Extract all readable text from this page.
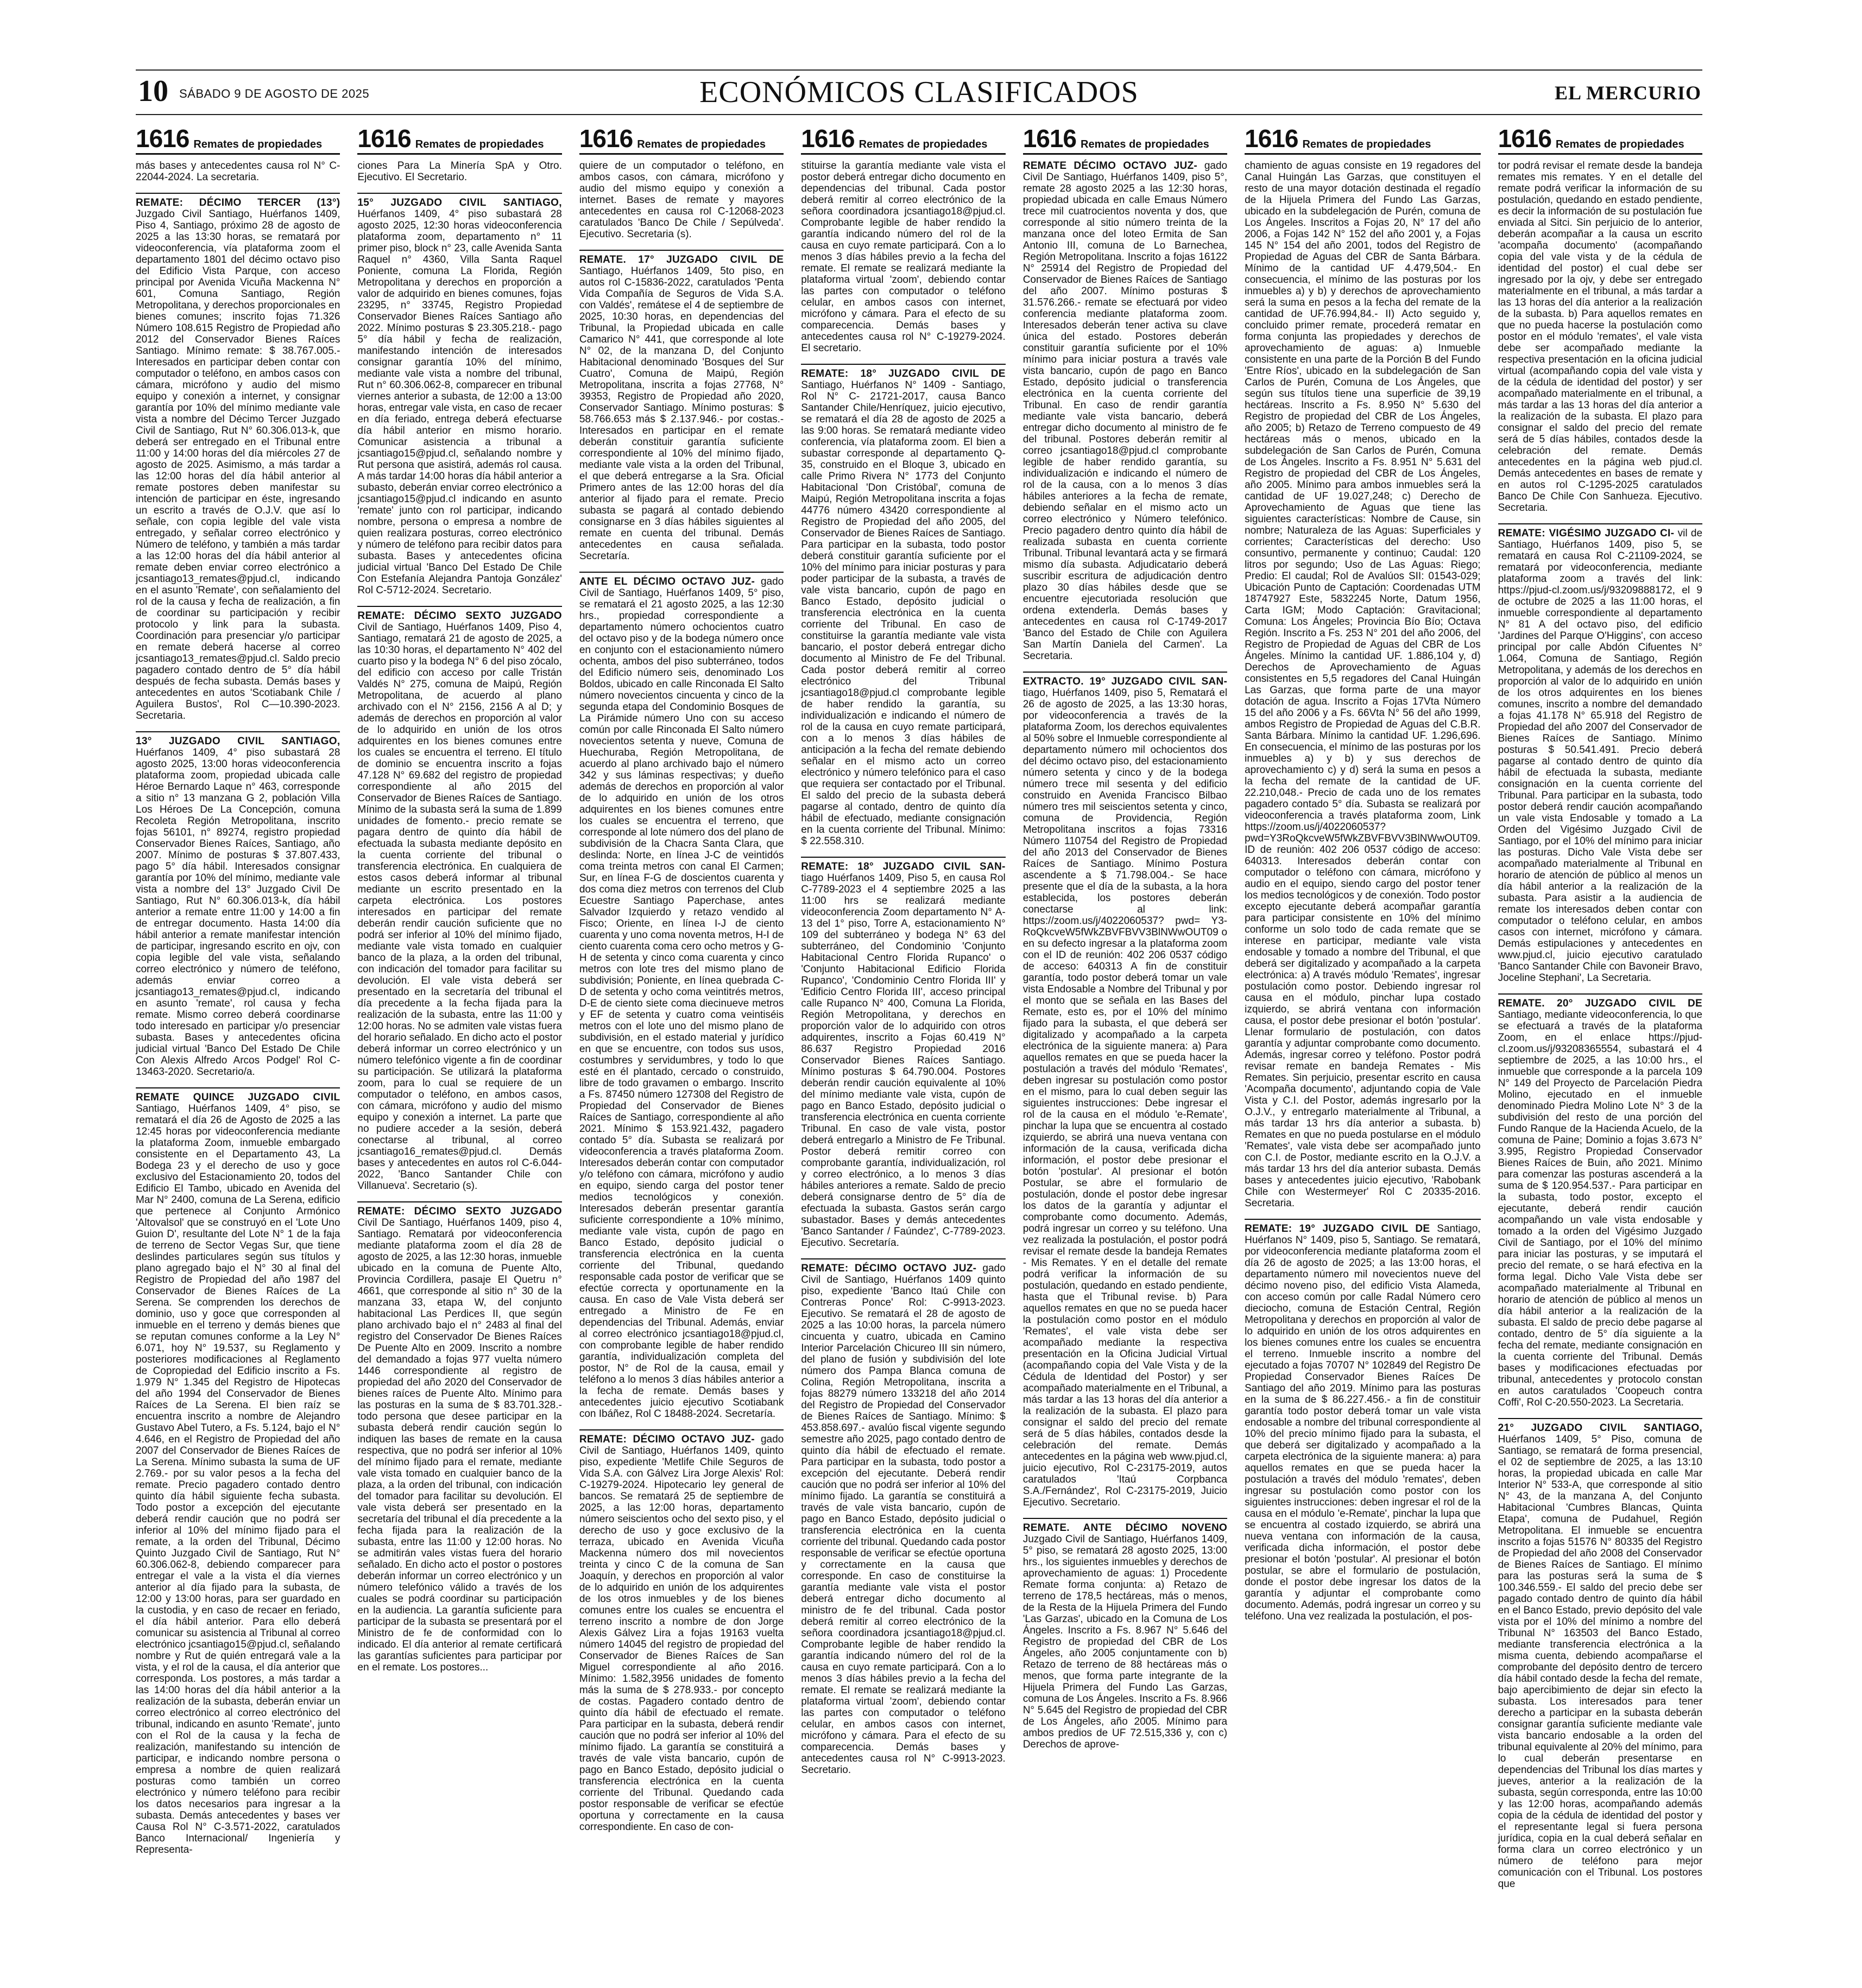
10 SÁBADO 9 DE AGOSTO DE 2025	ECONÓMICOS CLASIFICADOS	EL MERCURIO
1616 Remates de propiedades

más bases y antecedentes causa rol N° C-22044-2024. La secretaria.

REMATE: DÉCIMO TERCER (13°) Juzgado Civil Santiago, Huérfanos 1409, Piso 4, Santiago, próximo 28 de agosto de 2025 a las 13:30 horas, se rematará por videoconferencia, vía plataforma zoom el departamento 1801 del décimo octavo piso del Edificio Vista Parque, con acceso principal por Avenida Vicuña Mackenna N° 601, Comuna Santiago, Región Metropolitana, y derechos proporcionales en bienes comunes; inscrito fojas 71.326 Número 108.615 Registro de Propiedad año 2012 del Conservador Bienes Raíces Santiago. Mínimo remate: $ 38.767.005.- Interesados en participar deben contar con computador o teléfono, en ambos casos con cámara, micrófono y audio del mismo equipo y conexión a internet, y consignar garantía por 10% del mínimo mediante vale vista a nombre del Décimo Tercer Juzgado Civil de Santiago, Rut N° 60.306.013-k, que deberá ser entregado en el Tribunal entre 11:00 y 14:00 horas del día miércoles 27 de agosto de 2025. Asimismo, a más tardar a las 12:00 horas del día hábil anterior al remate postores deben manifestar su intención de participar en éste, ingresando un escrito a través de O.J.V. que así lo señale, con copia legible del vale vista entregado, y señalar correo electrónico y Número de teléfono, y también a más tardar a las 12:00 horas del día hábil anterior al remate deben enviar correo electrónico a jcsantiago13_remates@pjud.cl, indicando en el asunto 'Remate', con señalamiento del rol de la causa y fecha de realización, a fin de coordinar su participación y recibir protocolo y link para la subasta. Coordinación para presenciar y/o participar en remate deberá hacerse al correo jcsantiago13_remates@pjud.cl. Saldo precio pagadero contado dentro de 5° día hábil después de fecha subasta. Demás bases y antecedentes en autos 'Scotiabank Chile / Aguilera Bustos', Rol C—10.390-2023. Secretaria.

13° JUZGADO CIVIL SANTIAGO, Huérfanos 1409, 4° piso subastará 28 agosto 2025, 13:00 horas videoconferencia plataforma zoom, propiedad ubicada calle Héroe Bernardo Laque n° 463, corresponde a sitio n° 13 manzana G 2, población Villa Los Héroes De La Concepción, comuna Recoleta Región Metropolitana, inscrito fojas 56101, n° 89274, registro propiedad Conservador Bienes Raíces, Santiago, año 2007. Mínimo de posturas $ 37.807.433, pago 5° día hábil. Interesados consignar garantía por 10% del mínimo, mediante vale vista a nombre del 13° Juzgado Civil De Santiago, Rut N° 60.306.013-k, día hábil anterior a remate entre 11:00 y 14:00 a fin de entregar documento. Hasta 14:00 día hábil anterior a remate manifestar intención de participar, ingresando escrito en ojv, con copia legible del vale vista, señalando correo electrónico y número de teléfono, además enviar correo a jcsantiago13_remates@pjud.cl, indicando en asunto 'remate', rol causa y fecha remate. Mismo correo deberá coordinarse todo interesado en participar y/o presenciar subasta. Bases y antecedentes oficina judicial virtual 'Banco Del Estado De Chile Con Alexis Alfredo Arcos Podgel' Rol C-13463-2020. Secretario/a.

REMATE QUINCE JUZGADO CIVIL Santiago, Huérfanos 1409, 4° piso, se rematará el día 26 de Agosto de 2025 a las 12:45 horas por videoconferencia mediante la plataforma Zoom, inmueble embargado consistente en el Departamento 43, La Bodega 23 y el derecho de uso y goce exclusivo del Estacionamiento 20, todos del Edificio El Tambo, ubicado en Avenida del Mar N° 2400, comuna de La Serena, edificio que pertenece al Conjunto Armónico 'Altovalsol' que se construyó en el 'Lote Uno Guion D', resultante del Lote N° 1 de la faja de terreno de Sector Vegas Sur, que tiene deslindes particulares según sus títulos y plano agregado bajo el N° 30 al final del Registro de Propiedad del año 1987 del Conservador de Bienes Raíces de La Serena. Se comprenden los derechos de dominio, uso y goce que corresponden al inmueble en el terreno y demás bienes que se reputan comunes conforme a la Ley N° 6.071, hoy N° 19.537, su Reglamento y posteriores modificaciones al Reglamento de Copropiedad del Edificio inscrito a Fs. 1.979 N° 1.345 del Registro de Hipotecas del año 1994 del Conservador de Bienes Raíces de La Serena. El bien raíz se encuentra inscrito a nombre de Alejandro Gustavo Abel Tutero, a Fs. 5.124, bajo el N° 4.646, en el Registro de Propiedad del año 2007 del Conservador de Bienes Raíces de La Serena. Mínimo subasta la suma de UF 2.769.- por su valor pesos a la fecha del remate. Precio pagadero contado dentro quinto día hábil siguiente fecha subasta. Todo postor a excepción del ejecutante deberá rendir caución que no podrá ser inferior al 10% del mínimo fijado para el remate, a la orden del Tribunal, Décimo Quinto Juzgado Civil de Santiago, Rut N° 60.306.062-8, debiendo comparecer para entregar el vale a la vista el día viernes anterior al día fijado para la subasta, de 12:00 y 13:00 horas, para ser guardado en la custodia, y en caso de recaer en feriado, el día hábil anterior. Para ello deberá comunicar su asistencia al Tribunal al correo electrónico jcsantiago15@pjud.cl, señalando nombre y Rut de quién entregará vale a la vista, y el rol de la causa, el día anterior que corresponda. Los postores, a más tardar a las 14:00 horas del día hábil anterior a la realización de la subasta, deberán enviar un correo electrónico al correo electrónico del tribunal, indicando en asunto 'Remate', junto con el Rol de la causa y la fecha de realización, manifestando su intención de participar, e indicando nombre persona o empresa a nombre de quien realizará posturas como también un correo electrónico y número teléfono para recibir los datos necesarios para ingresar a la subasta. Demás antecedentes y bases ver Causa Rol N° C-3.571-2022, caratulados Banco Internacional/ Ingeniería y Representa-

1616 Remates de propiedades

ciones Para La Minería SpA y Otro. Ejecutivo. El Secretario.

15° JUZGADO CIVIL SANTIAGO, Huérfanos 1409, 4° piso subastará 28 agosto 2025, 12:30 horas videoconferencia plataforma zoom, departamento n° 11 primer piso, block n° 23, calle Avenida Santa Raquel n° 4360, Villa Santa Raquel Poniente, comuna La Florida, Región Metropolitana y derechos en proporción a valor de adquirido en bienes comunes, fojas 23295, n° 33745, Registro Propiedad Conservador Bienes Raíces Santiago año 2022. Mínimo posturas $ 23.305.218.- pago 5° día hábil y fecha de realización, manifestando intención de interesados consignar garantía 10% del mínimo, mediante vale vista a nombre del tribunal, Rut n° 60.306.062-8, comparecer en tribunal viernes anterior a subasta, de 12:00 a 13:00 horas, entregar vale vista, en caso de recaer en día feriado, entrega deberá efectuarse día hábil anterior en mismo horario. Comunicar asistencia a tribunal a jcsantiago15@pjud.cl, señalando nombre y Rut persona que asistirá, además rol causa. A más tardar 14:00 horas día hábil anterior a subasto, deberán enviar correo electrónico a jcsantiago15@pjud.cl indicando en asunto 'remate' junto con rol participar, indicando nombre, persona o empresa a nombre de quien realizara posturas, correo electrónico y número de teléfono para recibir datos para subasta. Bases y antecedentes oficina judicial virtual 'Banco Del Estado De Chile Con Estefanía Alejandra Pantoja González' Rol C-5712-2024. Secretario.

REMATE: DÉCIMO SEXTO JUZGADO Civil de Santiago, Huérfanos 1409, Piso 4, Santiago, rematará 21 de agosto de 2025, a las 10:30 horas, el departamento N° 402 del cuarto piso y la bodega N° 6 del piso zócalo, del edificio con acceso por calle Tristán Valdés N° 275, comuna de Maipú, Región Metropolitana, de acuerdo al plano archivado con el N° 2156, 2156 A al D; y además de derechos en proporción al valor de lo adquirido en unión de los otros adquirentes en los bienes comunes entre los cuales se encuentra el terreno. El título de dominio se encuentra inscrito a fojas 47.128 N° 69.682 del registro de propiedad correspondiente al año 2015 del Conservador de Bienes Raíces de Santiago. Mínimo de la subasta será la suma de 1.899 unidades de fomento.- precio remate se pagara dentro de quinto día hábil de efectuada la subasta mediante depósito en la cuenta corriente del tribunal o transferencia electrónica. En cualquiera de estos casos deberá informar al tribunal mediante un escrito presentado en la carpeta electrónica. Los postores interesados en participar del remate deberán rendir caución suficiente que no podrá ser inferior al 10% del mínimo fijado, mediante vale vista tomado en cualquier banco de la plaza, a la orden del tribunal, con indicación del tomador para facilitar su devolución. El vale vista deberá ser presentado en la secretaría del tribunal el día precedente a la fecha fijada para la realización de la subasta, entre las 11:00 y 12:00 horas. No se admiten vale vistas fuera del horario señalado. En dicho acto el postor deberá informar un correo electrónico y un número telefónico vigente a fin de coordinar su participación. Se utilizará la plataforma zoom, para lo cual se requiere de un computador o teléfono, en ambos casos, con cámara, micrófono y audio del mismo equipo y conexión a internet. La parte que no pudiere acceder a la sesión, deberá conectarse al tribunal, al correo jcsantiago16_remates@pjud.cl. Demás bases y antecedentes en autos rol C-6.044-2022, 'Banco Santander Chile con Villanueva'. Secretario (s).

REMATE: DÉCIMO SEXTO JUZGADO Civil De Santiago, Huérfanos 1409, piso 4, Santiago. Rematará por videoconferencia mediante plataforma zoom el día 28 de agosto de 2025, a las 12:30 horas, inmueble ubicado en la comuna de Puente Alto, Provincia Cordillera, pasaje El Quetru n° 4661, que corresponde al sitio n° 30 de la manzana 33, etapa W, del conjunto habitacional Las Perdices II, que según plano archivado bajo el n° 2483 al final del registro del Conservador De Bienes Raíces De Puente Alto en 2009. Inscrito a nombre del demandado a fojas 977 vuelta número 1446 correspondiente al registro de propiedad del año 2020 del Conservador de bienes raíces de Puente Alto. Mínimo para las posturas en la suma de $ 83.701.328.- todo persona que desee participar en la subasta deberá rendir caución según lo indiquen las bases de remate en la causa respectiva, que no podrá ser inferior al 10% del mínimo fijado para el remate, mediante vale vista tomado en cualquier banco de la plaza, a la orden del tribunal, con indicación del tomador para facilitar su devolución. El vale vista deberá ser presentado en la secretaría del tribunal el día precedente a la fecha fijada para la realización de la subasta, entre las 11:00 y 12:00 horas. No se admitirán vales vistas fuera del horario señalado. En dicho acto el postor o postores deberán informar un correo electrónico y un número telefónico válido a través de los cuales se podrá coordinar su participación en la audiencia. La garantía suficiente para participar de la subasta se presentará por el Ministro de fe de conformidad con lo indicado. El día anterior al remate certificará las garantías suficientes para participar por en el remate. Los postores...

1616 Remates de propiedades

quiere de un computador o teléfono, en ambos casos, con cámara, micrófono y audio del mismo equipo y conexión a internet. Bases de remate y mayores antecedentes en causa rol C-12068-2023 caratulados 'Banco De Chile / Sepúlveda'. Ejecutivo. Secretaria (s).

REMATE. 17° JUZGADO CIVIL DE Santiago, Huérfanos 1409, 5to piso, en autos rol C-15836-2022, caratulados 'Penta Vida Compañía de Seguros de Vida S.A. con Valdés', remátese el 4 de septiembre de 2025, 10:30 horas, en dependencias del Tribunal, la Propiedad ubicada en calle Camarico N° 441, que corresponde al lote N° 02, de la manzana D, del Conjunto Habitacional denominado 'Bosques del Sur Cuatro', Comuna de Maipú, Región Metropolitana, inscrita a fojas 27768, N° 39353, Registro de Propiedad año 2020, Conservador Santiago. Mínimo posturas: $ 58.766.653 más $ 2.137.946.- por costas.- Interesados en participar en el remate deberán constituir garantía suficiente correspondiente al 10% del mínimo fijado, mediante vale vista a la orden del Tribunal, el que deberá entregarse a la Sra. Oficial Primero antes de las 12:00 horas del día anterior al fijado para el remate. Precio subasta se pagará al contado debiendo consignarse en 3 días hábiles siguientes al remate en cuenta del tribunal. Demás antecedentes en causa señalada. Secretaría.

ANTE EL DÉCIMO OCTAVO JUZ- gado Civil de Santiago, Huérfanos 1409, 5° piso, se rematará el 21 agosto 2025, a las 12:30 hrs., propiedad correspondiente a departamento número ochocientos cuatro del octavo piso y de la bodega número once en conjunto con el estacionamiento número ochenta, ambos del piso subterráneo, todos del Edificio número seis, denominado Los Boldos, ubicado en calle Rinconada El Salto número novecientos cincuenta y cinco de la segunda etapa del Condominio Bosques de La Pirámide número Uno con su acceso común por calle Rinconada El Salto número novecientos setenta y nueve, Comuna de Huechuraba, Región Metropolitana, de acuerdo al plano archivado bajo el número 342 y sus láminas respectivas; y dueño además de derechos en proporción al valor de lo adquirido en unión de los otros adquirentes en los bienes comunes entre los cuales se encuentra el terreno, que corresponde al lote número dos del plano de subdivisión de la Chacra Santa Clara, que deslinda: Norte, en línea J-C de veintidós coma treinta metros con canal El Carmen; Sur, en línea F-G de doscientos cuarenta y dos coma diez metros con terrenos del Club Ecuestre Santiago Paperchase, antes Salvador Izquierdo y retazo vendido al Fisco; Oriente, en línea I-J de ciento cuarenta y uno coma noventa metros, H-I de ciento cuarenta coma cero ocho metros y G-H de setenta y cinco coma cuarenta y cinco metros con lote tres del mismo plano de subdivisión; Poniente, en línea quebrada C-D de setenta y ocho coma veintitrés metros, D-E de ciento siete coma diecinueve metros y EF de setenta y cuatro coma veintiséis metros con el lote uno del mismo plano de subdivisión, en el estado material y jurídico en que se encuentre, con todos sus usos, costumbres y servidumbres, y todo lo que esté en él plantado, cercado o construido, libre de todo gravamen o embargo. Inscrito a Fs. 87450 número 127308 del Registro de Propiedad del Conservador de Bienes Raíces de Santiago, correspondiente al año 2021. Mínimo $ 153.921.432, pagadero contado 5° día. Subasta se realizará por videoconferencia a través plataforma Zoom. Interesados deberán contar con computador y/o teléfono con cámara, micrófono y audio en equipo, siendo carga del postor tener medios tecnológicos y conexión. Interesados deberán presentar garantía suficiente correspondiente a 10% mínimo, mediante vale vista, cupón de pago en Banco Estado, depósito judicial o transferencia electrónica en la cuenta corriente del Tribunal, quedando responsable cada postor de verificar que se efectúe correcta y oportunamente en la causa. En caso de Vale Vista deberá ser entregado a Ministro de Fe en dependencias del Tribunal. Además, enviar al correo electrónico jcsantiago18@pjud.cl, con comprobante legible de haber rendido garantía, individualización completa del postor, N° de Rol de la causa, email y teléfono a lo menos 3 días hábiles anterior a la fecha de remate. Demás bases y antecedentes juicio ejecutivo Scotiabank con Ibáñez, Rol C 18488-2024. Secretaría.

REMATE: DÉCIMO OCTAVO JUZ- gado Civil de Santiago, Huérfanos 1409, quinto piso, expediente 'Metlife Chile Seguros de Vida S.A. con Gálvez Lira Jorge Alexis' Rol: C-19279-2024. Hipotecario ley general de bancos. Se rematará 25 de septiembre de 2025, a las 12:00 horas, departamento número seiscientos ocho del sexto piso, y el derecho de uso y goce exclusivo de la terraza, ubicado en Avenida Vicuña Mackenna número dos mil novecientos treinta y cinco C de la comuna de San Joaquín, y derechos en proporción al valor de lo adquirido en unión de los adquirentes de los otros inmuebles y de los bienes comunes entre los cuales se encuentra el terreno inscrito a nombre de don Jorge Alexis Gálvez Lira a fojas 19163 vuelta número 14045 del registro de propiedad del Conservador de Bienes Raíces de San Miguel correspondiente al año 2016. Mínimo: 1.582,3956 unidades de fomento más la suma de $ 278.933.- por concepto de costas. Pagadero contado dentro de quinto día hábil de efectuado el remate. Para participar en la subasta, deberá rendir caución que no podrá ser inferior al 10% del mínimo fijado. La garantía se constituirá a través de vale vista bancario, cupón de pago en Banco Estado, depósito judicial o transferencia electrónica en la cuenta corriente del Tribunal. Quedando cada postor responsable de verificar se efectúe oportuna y correctamente en la causa correspondiente. En caso de con-

1616 Remates de propiedades

stituirse la garantía mediante vale vista el postor deberá entregar dicho documento en dependencias del tribunal. Cada postor deberá remitir al correo electrónico de la señora coordinadora jcsantiago18@pjud.cl. Comprobante legible de haber rendido la garantía indicando número del rol de la causa en cuyo remate participará. Con a lo menos 3 días hábiles previo a la fecha del remate. El remate se realizará mediante la plataforma virtual 'zoom', debiendo contar las partes con computador o teléfono celular, en ambos casos con internet, micrófono y cámara. Para el efecto de su comparecencia. Demás bases y antecedentes causa rol N° C-19279-2024. El secretario.

REMATE: 18° JUZGADO CIVIL DE Santiago, Huérfanos N° 1409 - Santiago, Rol N° C- 21721-2017, causa Banco Santander Chile/Henríquez, juicio ejecutivo, se rematará el día 28 de agosto de 2025 a las 9:00 horas. Se rematará mediante video conferencia, vía plataforma zoom. El bien a subastar corresponde al departamento Q-35, construido en el Bloque 3, ubicado en calle Primo Rivera N° 1773 del Conjunto Habitacional 'Don Cristóbal', comuna de Maipú, Región Metropolitana inscrita a fojas 44776 número 43420 correspondiente al Registro de Propiedad del año 2005, del Conservador de Bienes Raíces de Santiago. Para participar en la subasta, todo postor deberá constituir garantía suficiente por el 10% del mínimo para iniciar posturas y para poder participar de la subasta, a través de vale vista bancario, cupón de pago en Banco Estado, depósito judicial o transferencia electrónica en la cuenta corriente del Tribunal. En caso de constituirse la garantía mediante vale vista bancario, el postor deberá entregar dicho documento al Ministro de Fe del Tribunal. Cada postor deberá remitir al correo electrónico del Tribunal jcsantiago18@pjud.cl comprobante legible de haber rendido la garantía, su individualización e indicando el número de rol de la causa en cuyo remate participará, con a lo menos 3 días hábiles de anticipación a la fecha del remate debiendo señalar en el mismo acto un correo electrónico y número telefónico para el caso que requiera ser contactado por el Tribunal. El saldo del precio de la subasta deberá pagarse al contado, dentro de quinto día hábil de efectuado, mediante consignación en la cuenta corriente del Tribunal. Mínimo: $ 22.558.310.

REMATE: 18° JUZGADO CIVIL SAN- tiago Huérfanos 1409, Piso 5, en causa Rol C-7789-2023 el 4 septiembre 2025 a las 11:00 hrs se realizará mediante videoconferencia Zoom departamento N° A-13 del 1° piso, Torre A, estacionamiento N° 109 del subterráneo y bodega N° 63 del subterráneo, del Condominio 'Conjunto Habitacional Centro Florida Rupanco' o 'Conjunto Habitacional Edificio Florida Rupanco', 'Condominio Centro Florida III' y 'Edificio Centro Florida III', acceso principal calle Rupanco N° 400, Comuna La Florida, Región Metropolitana, y derechos en proporción valor de lo adquirido con otros adquirentes, inscrito a Fojas 60.419 N° 86.637 Registro Propiedad 2016 Conservador Bienes Raíces Santiago. Mínimo posturas $ 64.790.004. Postores deberán rendir caución equivalente al 10% del mínimo mediante vale vista, cupón de pago en Banco Estado, depósito judicial o transferencia electrónica en cuenta corriente Tribunal. En caso de vale vista, postor deberá entregarlo a Ministro de Fe Tribunal. Postor deberá remitir correo con comprobante garantía, individualización, rol y correo electrónico, a lo menos 3 días hábiles anteriores a remate. Saldo de precio deberá consignarse dentro de 5° día de efectuada la subasta. Gastos serán cargo subastador. Bases y demás antecedentes 'Banco Santander / Faúndez', C-7789-2023. Ejecutivo. Secretaría.

REMATE: DÉCIMO OCTAVO JUZ- gado Civil de Santiago, Huérfanos 1409 quinto piso, expediente 'Banco Itaú Chile con Contreras Ponce' Rol: C-9913-2023. Ejecutivo. Se rematará el 28 de agosto de 2025 a las 10:00 horas, la parcela número cincuenta y cuatro, ubicada en Camino Interior Parcelación Chicureo III sin número, del plano de fusión y subdivisión del lote número dos Pampa Blanca comuna de Colina, Región Metropolitana, inscrita a fojas 88279 número 133218 del año 2014 del Registro de Propiedad del Conservador de Bienes Raíces de Santiago. Mínimo: $ 453.858.697.- avalúo fiscal vigente segundo semestre año 2025, pago contado dentro de quinto día hábil de efectuado el remate. Para participar en la subasta, todo postor a excepción del ejecutante. Deberá rendir caución que no podrá ser inferior al 10% del mínimo fijado. La garantía se constituirá a través de vale vista bancario, cupón de pago en Banco Estado, depósito judicial o transferencia electrónica en la cuenta corriente del tribunal. Quedando cada postor responsable de verificar se efectúe oportuna y correctamente en la causa que corresponde. En caso de constituirse la garantía mediante vale vista el postor deberá entregar dicho documento al ministro de fe del tribunal. Cada postor deberá remitir al correo electrónico de la señora coordinadora jcsantiago18@pjud.cl. Comprobante legible de haber rendido la garantía indicando número del rol de la causa en cuyo remate participará. Con a lo menos 3 días hábiles previo a la fecha del remate. El remate se realizará mediante la plataforma virtual 'zoom', debiendo contar las partes con computador o teléfono celular, en ambos casos con internet, micrófono y cámara. Para el efecto de su comparecencia. Demás bases y antecedentes causa rol N° C-9913-2023. Secretario.

1616 Remates de propiedades

REMATE DÉCIMO OCTAVO JUZ- gado Civil De Santiago, Huérfanos 1409, piso 5°, remate 28 agosto 2025 a las 12:30 horas, propiedad ubicada en calle Emaus Número trece mil cuatrocientos noventa y dos, que corresponde al sitio número treinta de la manzana once del loteo Ermita de San Antonio III, comuna de Lo Barnechea, Región Metropolitana. Inscrito a fojas 16122 N° 25914 del Registro de Propiedad del Conservador de Bienes Raíces de Santiago del año 2007. Mínimo posturas $ 31.576.266.- remate se efectuará por video conferencia mediante plataforma zoom. Interesados deberán tener activa su clave única del estado. Postores deberán constituir garantía suficiente por el 10% mínimo para iniciar postura a través vale vista bancario, cupón de pago en Banco Estado, depósito judicial o transferencia electrónica en la cuenta corriente del Tribunal. En caso de rendir garantía mediante vale vista bancario, deberá entregar dicho documento al ministro de fe del tribunal. Postores deberán remitir al correo jcsantiago18@pjud.cl comprobante legible de haber rendido garantía, su individualización e indicando el número de rol de la causa, con a lo menos 3 días hábiles anteriores a la fecha de remate, debiendo señalar en el mismo acto un correo electrónico y Número telefónico. Precio pagadero dentro quinto día hábil de realizada subasta en cuenta corriente Tribunal. Tribunal levantará acta y se firmará mismo día subasta. Adjudicatario deberá suscribir escritura de adjudicación dentro plazo 30 días hábiles desde que se encuentre ejecutoriada resolución que ordena extenderla. Demás bases y antecedentes en causa rol C-1749-2017 'Banco del Estado de Chile con Aguilera San Martín Daniela del Carmen'. La Secretaria.

EXTRACTO. 19° JUZGADO CIVIL SAN- tiago, Huérfanos 1409, piso 5, Rematará el 26 de agosto de 2025, a las 13:30 horas, por videoconferencia a través de la plataforma Zoom, los derechos equivalentes al 50% sobre el Inmueble correspondiente al departamento número mil ochocientos dos del décimo octavo piso, del estacionamiento número setenta y cinco y de la bodega número trece mil sesenta y del edificio construido en Avenida Francisco Bilbao número tres mil seiscientos setenta y cinco, comuna de Providencia, Región Metropolitana inscritos a fojas 73316 Número 110754 del Registro de Propiedad del año 2013 del Conservador de Bienes Raíces de Santiago. Mínimo Postura ascendente a $ 71.798.004.- Se hace presente que el día de la subasta, a la hora establecida, los postores deberán conectarse al link: https://zoom.us/j/4022060537? pwd= Y3-RoQkcveW5fWkZBVFBVV3BlNWwOUT09 o en su defecto ingresar a la plataforma zoom con el ID de reunión: 402 206 0537 código de acceso: 640313 A fin de constituir garantía, todo postor deberá tomar un vale vista Endosable a Nombre del Tribunal y por el monto que se señala en las Bases del Remate, esto es, por el 10% del mínimo fijado para la subasta, el que deberá ser digitalizado y acompañado a la carpeta electrónica de la siguiente manera: a) Para aquellos remates en que se pueda hacer la postulación a través del módulo 'Remates', deben ingresar su postulación como postor en el mismo, para lo cual deben seguir las siguientes instrucciones: Debe ingresar el rol de la causa en el módulo 'e-Remate', pinchar la lupa que se encuentra al costado izquierdo, se abrirá una nueva ventana con información de la causa, verificada dicha información, el postor debe presionar el botón 'postular'. Al presionar el botón Postular, se abre el formulario de postulación, donde el postor debe ingresar los datos de la garantía y adjuntar el comprobante como documento. Además, podrá ingresar un correo y su teléfono. Una vez realizada la postulación, el postor podrá revisar el remate desde la bandeja Remates - Mis Remates. Y en el detalle del remate podrá verificar la información de su postulación, quedando en estado pendiente, hasta que el Tribunal revise. b) Para aquellos remates en que no se pueda hacer la postulación como postor en el módulo 'Remates', el vale vista debe ser acompañado mediante la respectiva presentación en la Oficina Judicial Virtual (acompañando copia del Vale Vista y de la Cédula de Identidad del Postor) y ser acompañado materialmente en el Tribunal, a más tardar a las 13 horas del día anterior a la realización de la subasta. El plazo para consignar el saldo del precio del remate será de 5 días hábiles, contados desde la celebración del remate. Demás antecedentes en la página web www.pjud.cl, juicio ejecutivo, Rol C-23175-2019, autos caratulados 'Itaú Corpbanca S.A./Fernández', Rol C-23175-2019, Juicio Ejecutivo. Secretario.

REMATE. ANTE DÉCIMO NOVENO Juzgado Civil de Santiago, Huérfanos 1409, 5° piso, se rematará 28 agosto 2025, 13:00 hrs., los siguientes inmuebles y derechos de aprovechamiento de aguas: 1) Procedente Remate forma conjunta: a) Retazo de terreno de 178,5 hectáreas, más o menos, de la Resta de la Hijuela Primera del Fundo 'Las Garzas', ubicado en la Comuna de Los Ángeles. Inscrito a Fs. 8.967 N° 5.646 del Registro de propiedad del CBR de Los Ángeles, año 2005 conjuntamente con b) Retazo de terreno de 88 hectáreas más o menos, que forma parte integrante de la Hijuela Primera del Fundo Las Garzas, comuna de Los Ángeles. Inscrito a Fs. 8.966 N° 5.645 del Registro de propiedad del CBR de Los Ángeles, año 2005. Mínimo para ambos predios de UF 72.515,336 y, con c) Derechos de aprove-

1616 Remates de propiedades

chamiento de aguas consiste en 19 regadores del Canal Huingán Las Garzas, que constituyen el resto de una mayor dotación destinada el regadío de la Hijuela Primera del Fundo Las Garzas, ubicado en la subdelegación de Purén, comuna de Los Ángeles. Inscritos a Fojas 20, N° 17 del año 2006, a Fojas 142 N° 152 del año 2001 y, a Fojas 145 N° 154 del año 2001, todos del Registro de Propiedad de Aguas del CBR de Santa Bárbara. Mínimo de la cantidad UF 4.479,504.- En consecuencia, el mínimo de las posturas por los inmuebles a) y b) y derechos de aprovechamiento será la suma en pesos a la fecha del remate de la cantidad de UF.76.994,84.- II) Acto seguido y, concluido primer remate, procederá rematar en forma conjunta las propiedades y derechos de aprovechamiento de aguas: a) Inmueble consistente en una parte de la Porción B del Fundo 'Entre Ríos', ubicado en la subdelegación de San Carlos de Purén, Comuna de Los Ángeles, que según sus títulos tiene una superficie de 39,19 hectáreas. Inscrito a Fs. 8.950 N° 5.630 del Registro de propiedad del CBR de Los Ángeles, año 2005; b) Retazo de Terreno compuesto de 49 hectáreas más o menos, ubicado en la subdelegación de San Carlos de Purén, Comuna de Los Ángeles. Inscrito a Fs. 8.951 N° 5.631 del Registro de propiedad del CBR de Los Ángeles, año 2005. Mínimo para ambos inmuebles será la cantidad de UF 19.027,248; c) Derecho de Aprovechamiento de Aguas que tiene las siguientes características: Nombre de Cause, sin nombre; Naturaleza de las Aguas: Superficiales y corrientes; Características del derecho: Uso consuntivo, permanente y continuo; Caudal: 120 litros por segundo; Uso de Las Aguas: Riego; Predio: El caudal; Rol de Avalúos SII: 01543-029; Ubicación Punto de Captación: Coordenadas UTM 18747927 Este, 5832245 Norte, Datum 1956, Carta IGM; Modo Captación: Gravitacional; Comuna: Los Ángeles; Provincia Bío Bío; Octava Región. Inscrito a Fs. 253 N° 201 del año 2006, del Registro de Propiedad de Aguas del CBR de Los Ángeles. Mínimo la cantidad UF. 1.886,104 y, d) Derechos de Aprovechamiento de Aguas consistentes en 5,5 regadores del Canal Huingán Las Garzas, que forma parte de una mayor dotación de agua. Inscrito a Fojas 17Vta Número 15 del año 2006 y a Fs. 66Vta N° 56 del año 1999, ambos Registro de Propiedad de Aguas del C.B.R. Santa Bárbara. Mínimo la cantidad UF. 1.296,696. En consecuencia, el mínimo de las posturas por los inmuebles a) y b) y sus derechos de aprovechamiento c) y d) será la suma en pesos a la fecha del remate de la cantidad de UF. 22.210,048.- Precio de cada uno de los remates pagadero contado 5° día. Subasta se realizará por videoconferencia a través plataforma zoom, Link https://zoom.us/j/4022060537? pwd=Y3RoQkcveW5fWkZBVFBVV3BlNWwOUT09. ID de reunión: 402 206 0537 código de acceso: 640313. Interesados deberán contar con computador o teléfono con cámara, micrófono y audio en el equipo, siendo cargo del postor tener los medios tecnológicos y de conexión. Todo postor excepto ejecutante deberá acompañar garantía para participar consistente en 10% del mínimo conforme un solo todo de cada remate que se interese en participar, mediante vale vista endosable y tomado a nombre del Tribunal, el que deberá ser digitalizado y acompañado a la carpeta electrónica: a) A través módulo 'Remates', ingresar postulación como postor. Debiendo ingresar rol causa en el módulo, pinchar lupa costado izquierdo, se abrirá ventana con información causa, el postor debe presionar el botón 'postular'. Llenar formulario de postulación, con datos garantía y adjuntar comprobante como documento. Además, ingresar correo y teléfono. Postor podrá revisar remate en bandeja Remates - Mis Remates. Sin perjuicio, presentar escrito en causa 'Acompaña documento', adjuntando copia de Vale Vista y C.I. del Postor, además ingresarlo por la O.J.V., y entregarlo materialmente al Tribunal, a más tardar 13 hrs día anterior a subasta. b) Remates en que no pueda postularse en el módulo 'Remates', vale vista debe ser acompañado junto con C.I. de Postor, mediante escrito en la O.J.V. a más tardar 13 hrs del día anterior subasta. Demás bases y antecedentes juicio ejecutivo, 'Rabobank Chile con Westermeyer' Rol C 20335-2016. Secretaria.

REMATE: 19° JUZGADO CIVIL DE Santiago, Huérfanos N° 1409, piso 5, Santiago. Se rematará, por videoconferencia mediante plataforma zoom el día 26 de agosto de 2025; a las 13:00 horas, el departamento número mil novecientos nueve del décimo noveno piso, del edificio Vista Alameda, con acceso común por calle Radal Número cero dieciocho, comuna de Estación Central, Región Metropolitana y derechos en proporción al valor de lo adquirido en unión de los otros adquirentes en los bienes comunes entre los cuales se encuentra el terreno. Inmueble inscrito a nombre del ejecutado a fojas 70707 N° 102849 del Registro De Propiedad Conservador Bienes Raíces De Santiago del año 2019. Mínimo para las posturas en la suma de $ 86.227.456.- a fin de constituir garantía todo postor deberá tomar un vale vista endosable a nombre del tribunal correspondiente al 10% del precio mínimo fijado para la subasta, el que deberá ser digitalizado y acompañado a la carpeta electrónica de la siguiente manera: a) para aquellos remates en que se pueda hacer la postulación a través del módulo 'remates', deben ingresar su postulación como postor con los siguientes instrucciones: deben ingresar el rol de la causa en el módulo 'e-Remate', pinchar la lupa que se encuentra al costado izquierdo, se abrirá una nueva ventana con información de la causa, verificada dicha información, el postor debe presionar el botón 'postular'. Al presionar el botón postular, se abre el formulario de postulación, donde el postor debe ingresar los datos de la garantía y adjuntar el comprobante como documento. Además, podrá ingresar un correo y su teléfono. Una vez realizada la postulación, el pos-

1616 Remates de propiedades

tor podrá revisar el remate desde la bandeja remates mis remates. Y en el detalle del remate podrá verificar la información de su postulación, quedando en estado pendiente, es decir la información de su postulación fue enviada al Sitci. Sin perjuicio de lo anterior, deberán acompañar a la causa un escrito 'acompaña documento' (acompañando copia del vale vista y de la cédula de identidad del postor) el cual debe ser ingresado por la ojv, y debe ser entregado materialmente en el tribunal, a más tardar a las 13 horas del día anterior a la realización de la subasta. b) Para aquellos remates en que no pueda hacerse la postulación como postor en el módulo 'remates', el vale vista debe ser acompañado mediante la respectiva presentación en la oficina judicial virtual (acompañando copia del vale vista y de la cédula de identidad del postor) y ser acompañado materialmente en el tribunal, a más tardar a las 13 horas del día anterior a la realización de la subasta. El plazo para consignar el saldo del precio del remate será de 5 días hábiles, contados desde la celebración del remate. Demás antecedentes en la página web pjud.cl. Demás antecedentes en bases de remate y en autos rol C-1295-2025 caratulados Banco De Chile Con Sanhueza. Ejecutivo. Secretaria.

REMATE: VIGÉSIMO JUZGADO CI- vil de Santiago, Huérfanos 1409, piso 5, se rematará en causa Rol C-21109-2024, se rematará por videoconferencia, mediante plataforma zoom a través del link: https://pjud-cl.zoom.us/j/93209888172, el 9 de octubre de 2025 a las 11:00 horas, el inmueble correspondiente al departamento N° 81 A del octavo piso, del edificio 'Jardines del Parque O'Higgins', con acceso principal por calle Abdón Cifuentes N° 1.064, Comuna de Santiago, Región Metropolitana, y además de los derechos en proporción al valor de lo adquirido en unión de los otros adquirentes en los bienes comunes, inscrito a nombre del demandado a fojas 41.178 N° 65.918 del Registro de Propiedad del año 2007 del Conservador de Bienes Raíces de Santiago. Mínimo posturas $ 50.541.491. Precio deberá pagarse al contado dentro de quinto día hábil de efectuada la subasta, mediante consignación en la cuenta corriente del Tribunal. Para participar en la subasta, todo postor deberá rendir caución acompañando un vale vista Endosable y tomado a La Orden del Vigésimo Juzgado Civil de Santiago, por el 10% del mínimo para iniciar las posturas. Dicho Vale Vista debe ser acompañado materialmente al Tribunal en horario de atención de público al menos un día hábil anterior a la realización de la subasta. Para asistir a la audiencia de remate los interesados deben contar con computador o teléfono celular, en ambos casos con internet, micrófono y cámara. Demás estipulaciones y antecedentes en www.pjud.cl, juicio ejecutivo caratulado 'Banco Santander Chile con Bavoneir Bravo, Joceline Stephani', La Secretaria.

REMATE. 20° JUZGADO CIVIL DE Santiago, mediante videoconferencia, lo que se efectuará a través de la plataforma Zoom, en el enlace https://pjud-cl.zoom.us/j/93208365554, subastará el 4 septiembre de 2025, a las 10:00 hrs., el inmueble que corresponde a la parcela 109 N° 149 del Proyecto de Parcelación Piedra Molino, ejecutado en el inmueble denominado Piedra Molino Lote N° 3 de la subdivisión del resto de una porción del Fundo Ranque de la Hacienda Acuelo, de la comuna de Paine; Dominio a fojas 3.673 N° 3.995, Registro Propiedad Conservador Bienes Raíces de Buin, año 2021. Mínimo para comenzar las posturas ascenderá a la suma de $ 120.954.537.- Para participar en la subasta, todo postor, excepto el ejecutante, deberá rendir caución acompañando un vale vista endosable y tomado a la orden del Vigésimo Juzgado Civil de Santiago, por el 10% del mínimo para iniciar las posturas, y se imputará el precio del remate, o se hará efectiva en la forma legal. Dicho Vale Vista debe ser acompañado materialmente al Tribunal en horario de atención de público al menos un día hábil anterior a la realización de la subasta. El saldo de precio debe pagarse al contado, dentro de 5° día siguiente a la fecha del remate, mediante consignación en la cuenta corriente del Tribunal. Demás bases y modificaciones efectuadas por tribunal, antecedentes y protocolo constan en autos caratulados 'Coopeuch contra Coffi', Rol C-20.550-2023. La Secretaria.

21° JUZGADO CIVIL SANTIAGO, Huérfanos 1409, 5° Piso, comuna de Santiago, se rematará de forma presencial, el 02 de septiembre de 2025, a las 13:10 horas, la propiedad ubicada en calle Mar Interior N° 533-A, que corresponde al sitio N° 43, de la manzana A, del Conjunto Habitacional 'Cumbres Blancas, Quinta Etapa', comuna de Pudahuel, Región Metropolitana. El inmueble se encuentra inscrito a fojas 51576 N° 80335 del Registro de Propiedad del año 2008 del Conservador de Bienes Raíces de Santiago. El mínimo para las posturas será la suma de $ 100.346.559.- El saldo del precio debe ser pagado contado dentro de quinto día hábil en el Banco Estado, previo depósito del vale vista por el 10% del mínimo a nombre del Tribunal N° 163503 del Banco Estado, mediante transferencia electrónica a la misma cuenta, debiendo acompañarse el comprobante del depósito dentro de tercero día hábil contado desde la fecha del remate, bajo apercibimiento de dejar sin efecto la subasta. Los interesados para tener derecho a participar en la subasta deberán consignar garantía suficiente mediante vale vista bancario endosable a la orden del tribunal equivalente al 20% del mínimo, para lo cual deberán presentarse en dependencias del Tribunal los días martes y jueves, anterior a la realización de la subasta, según corresponda, entre las 10:00 y las 12:00 horas, acompañando además copia de la cédula de identidad del postor y el representante legal si fuera persona jurídica, copia en la cual deberá señalar en forma clara un correo electrónico y un número de teléfono para mejor comunicación con el Tribunal. Los postores que
